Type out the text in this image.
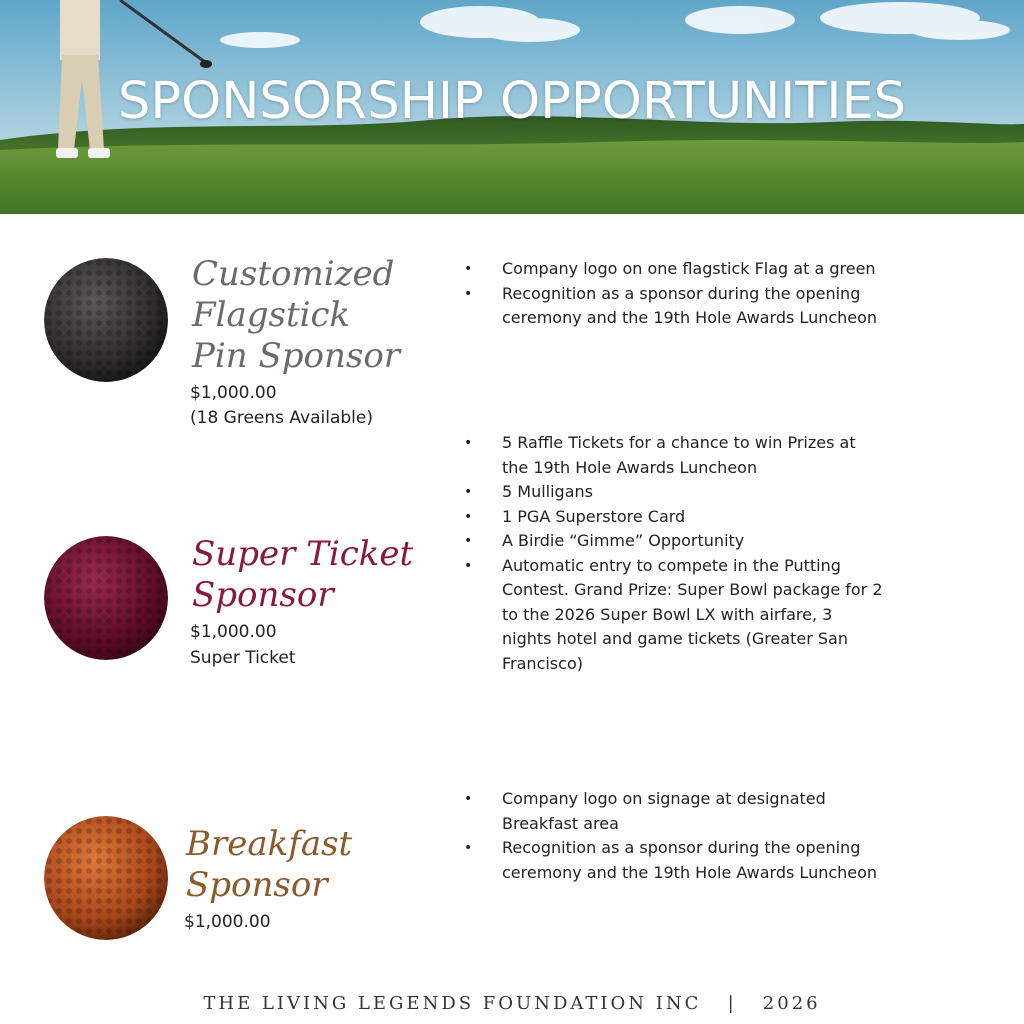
SPONSORSHIP OPPORTUNITIES
Customized
Flagstick
Pin Sponsor
$1,000.00
(18 Greens Available)
• Company logo on one flagstick Flag at a green
• Recognition as a sponsor during the opening ceremony and the 19th Hole Awards Luncheon
Super Ticket
Sponsor
$1,000.00
Super Ticket
• 5 Raffle Tickets for a chance to win Prizes at the 19th Hole Awards Luncheon
• 5 Mulligans
• 1 PGA Superstore Card
• A Birdie “Gimme” Opportunity
• Automatic entry to compete in the Putting Contest. Grand Prize: Super Bowl package for 2 to the 2026 Super Bowl LX with airfare, 3 nights hotel and game tickets (Greater San Francisco)
Breakfast
Sponsor
$1,000.00
• Company logo on signage at designated Breakfast area
• Recognition as a sponsor during the opening ceremony and the 19th Hole Awards Luncheon
THE LIVING LEGENDS FOUNDATION INC   |   2026
